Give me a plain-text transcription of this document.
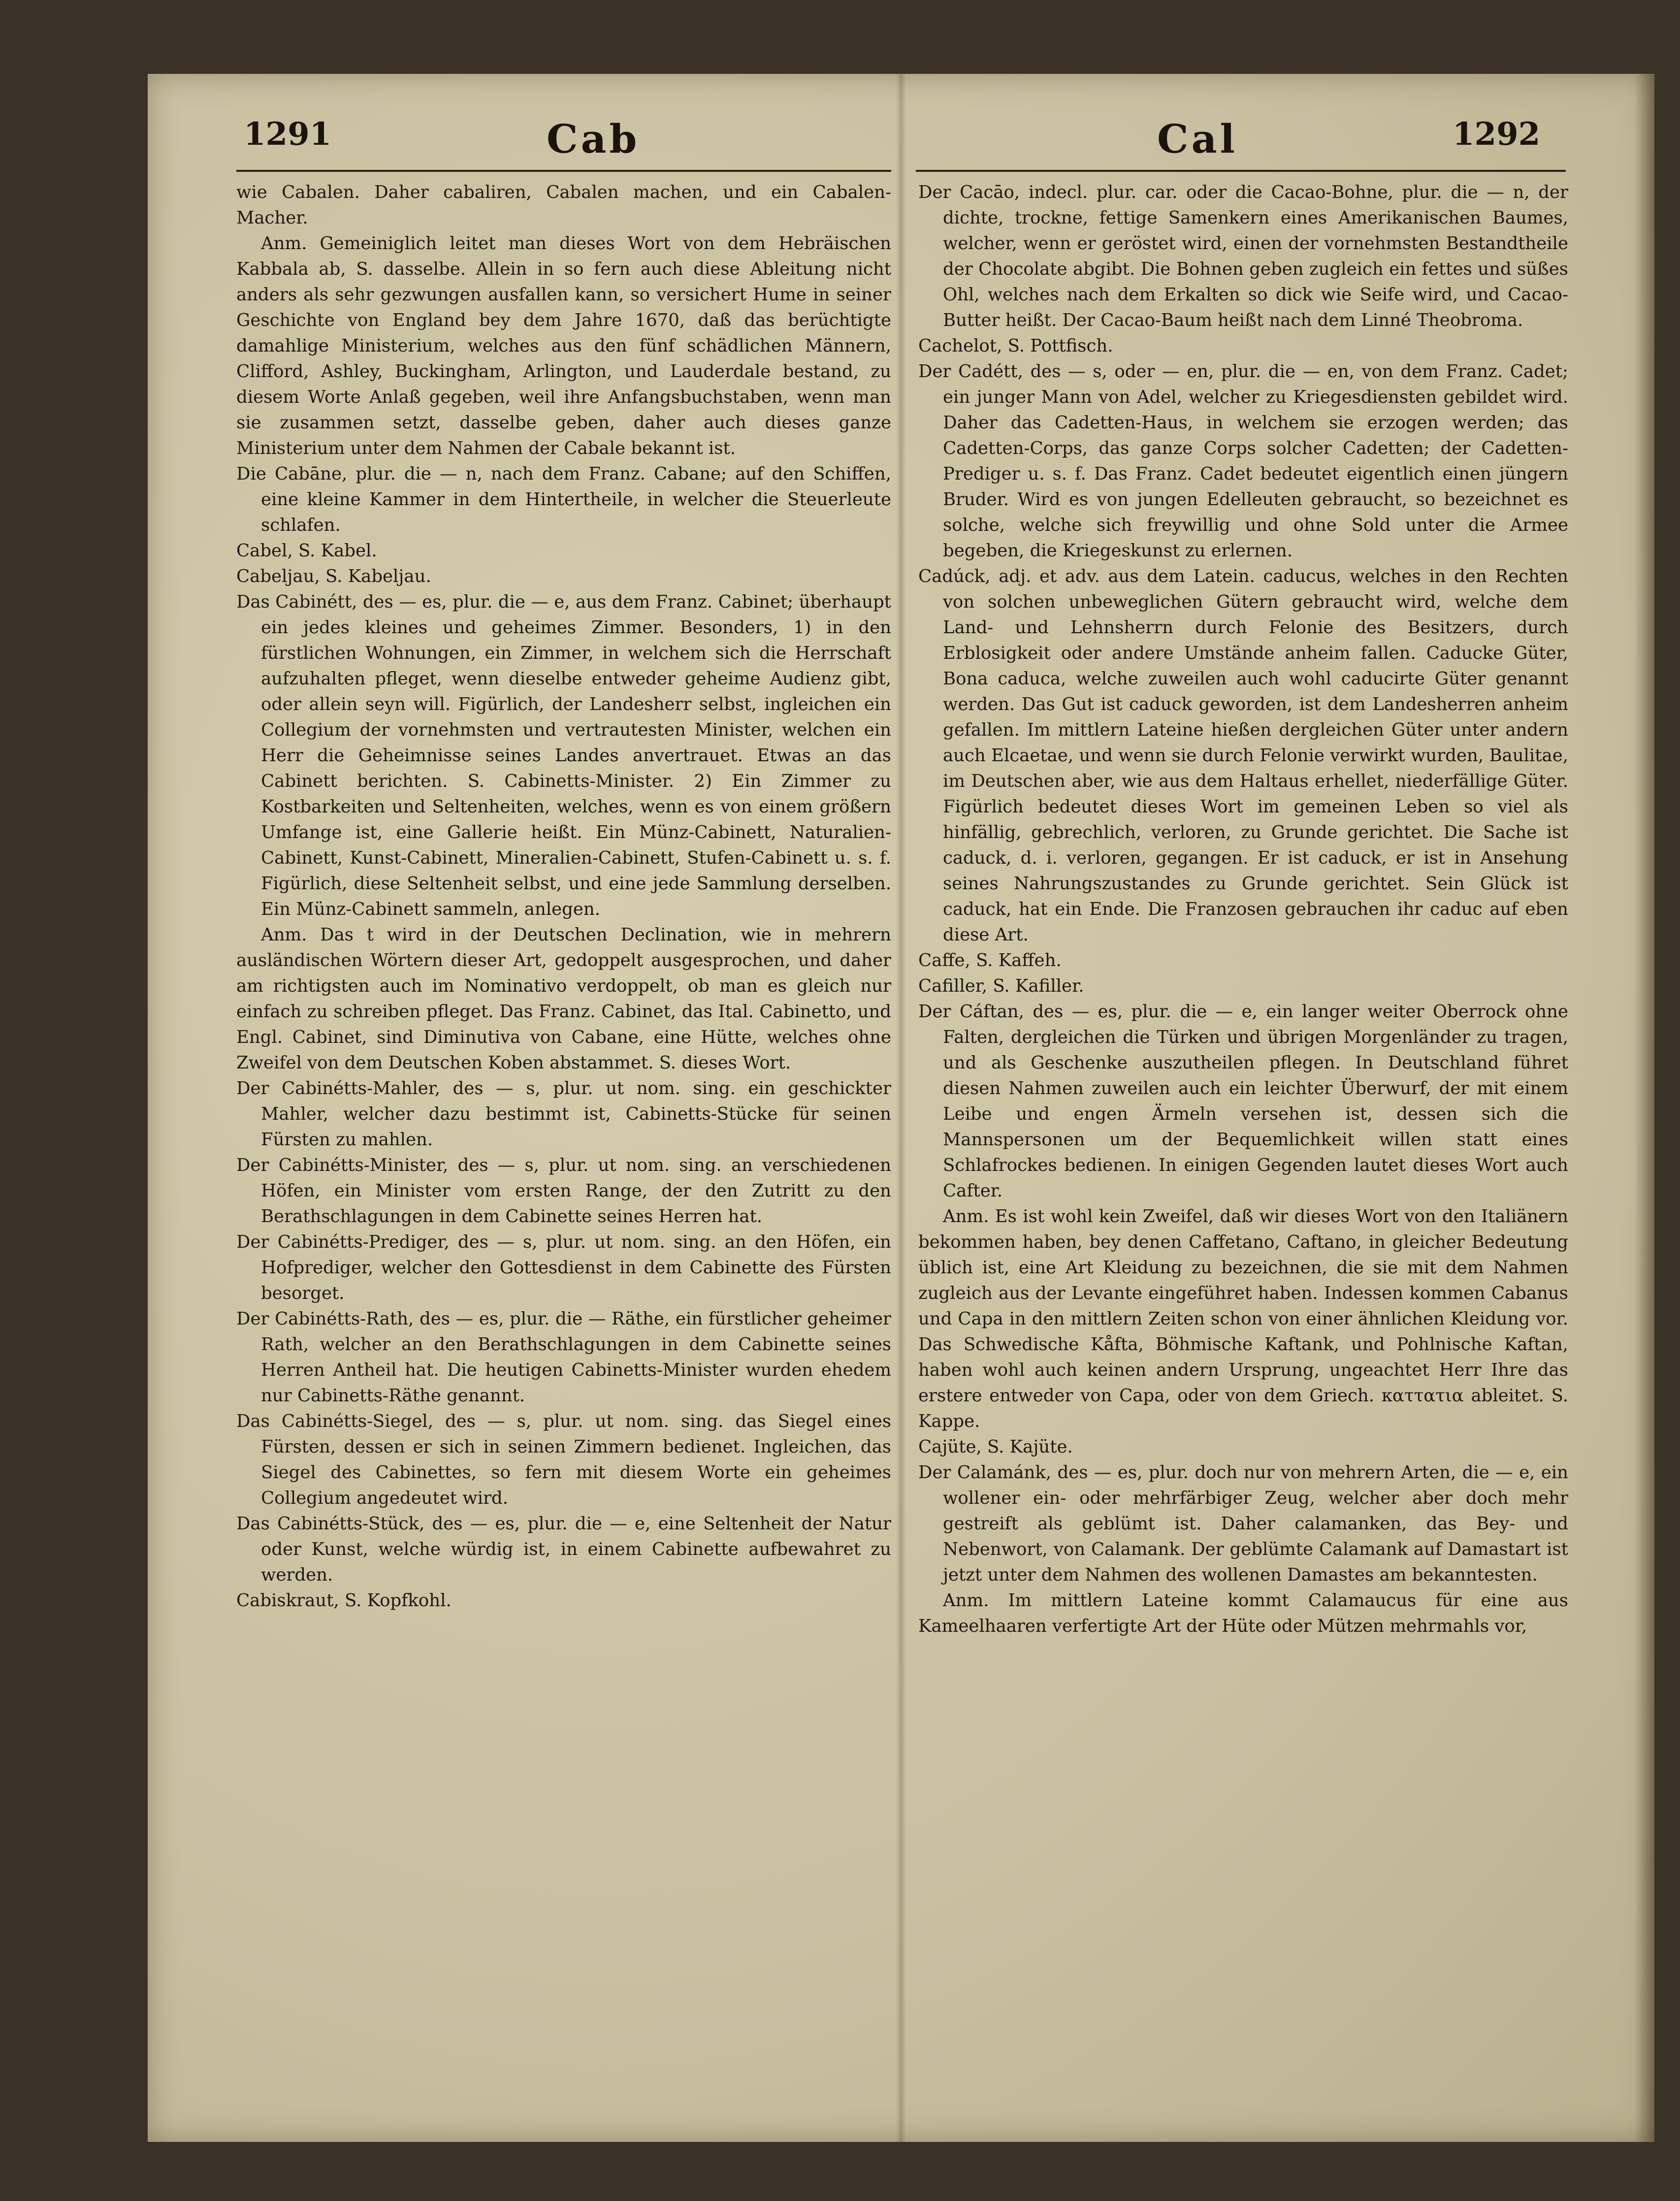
1291	Cab	Cal	1292

wie Cabalen. Daher cabaliren, Cabalen machen, und ein Cabalen-Macher.

Anm. Gemeiniglich leitet man dieses Wort von dem Hebräischen Kabbala ab, S. dasselbe. Allein in so fern auch diese Ableitung nicht anders als sehr gezwungen ausfallen kann, so versichert Hume in seiner Geschichte von England bey dem Jahre 1670, daß das berüchtigte damahlige Ministerium, welches aus den fünf schädlichen Männern, Clifford, Ashley, Buckingham, Arlington, und Lauderdale bestand, zu diesem Worte Anlaß gegeben, weil ihre Anfangsbuchstaben, wenn man sie zusammen setzt, dasselbe geben, daher auch dieses ganze Ministerium unter dem Nahmen der Cabale bekannt ist.

Die Cabāne, plur. die — n, nach dem Franz. Cabane; auf den Schiffen, eine kleine Kammer in dem Hintertheile, in welcher die Steuerleute schlafen.

Cabel, S. Kabel.

Cabeljau, S. Kabeljau.

Das Cabinétt, des — es, plur. die — e, aus dem Franz. Cabinet; überhaupt ein jedes kleines und geheimes Zimmer. Besonders, 1) in den fürstlichen Wohnungen, ein Zimmer, in welchem sich die Herrschaft aufzuhalten pfleget, wenn dieselbe entweder geheime Audienz gibt, oder allein seyn will. Figürlich, der Landesherr selbst, ingleichen ein Collegium der vornehmsten und vertrautesten Minister, welchen ein Herr die Geheimnisse seines Landes anvertrauet. Etwas an das Cabinett berichten. S. Cabinetts-Minister. 2) Ein Zimmer zu Kostbarkeiten und Seltenheiten, welches, wenn es von einem größern Umfange ist, eine Gallerie heißt. Ein Münz-Cabinett, Naturalien-Cabinett, Kunst-Cabinett, Mineralien-Cabinett, Stufen-Cabinett u. s. f. Figürlich, diese Seltenheit selbst, und eine jede Sammlung derselben. Ein Münz-Cabinett sammeln, anlegen.

Anm. Das t wird in der Deutschen Declination, wie in mehrern ausländischen Wörtern dieser Art, gedoppelt ausgesprochen, und daher am richtigsten auch im Nominativo verdoppelt, ob man es gleich nur einfach zu schreiben pfleget. Das Franz. Cabinet, das Ital. Cabinetto, und Engl. Cabinet, sind Diminutiva von Cabane, eine Hütte, welches ohne Zweifel von dem Deutschen Koben abstammet. S. dieses Wort.

Der Cabinétts-Mahler, des — s, plur. ut nom. sing. ein geschickter Mahler, welcher dazu bestimmt ist, Cabinetts-Stücke für seinen Fürsten zu mahlen.

Der Cabinétts-Minister, des — s, plur. ut nom. sing. an verschiedenen Höfen, ein Minister vom ersten Range, der den Zutritt zu den Berathschlagungen in dem Cabinette seines Herren hat.

Der Cabinétts-Prediger, des — s, plur. ut nom. sing. an den Höfen, ein Hofprediger, welcher den Gottesdienst in dem Cabinette des Fürsten besorget.

Der Cabinétts-Rath, des — es, plur. die — Räthe, ein fürstlicher geheimer Rath, welcher an den Berathschlagungen in dem Cabinette seines Herren Antheil hat. Die heutigen Cabinetts-Minister wurden ehedem nur Cabinetts-Räthe genannt.

Das Cabinétts-Siegel, des — s, plur. ut nom. sing. das Siegel eines Fürsten, dessen er sich in seinen Zimmern bedienet. Ingleichen, das Siegel des Cabinettes, so fern mit diesem Worte ein geheimes Collegium angedeutet wird.

Das Cabinétts-Stück, des — es, plur. die — e, eine Seltenheit der Natur oder Kunst, welche würdig ist, in einem Cabinette aufbewahret zu werden.

Cabiskraut, S. Kopfkohl.

Der Cacāo, indecl. plur. car. oder die Cacao-Bohne, plur. die — n, der dichte, trockne, fettige Samenkern eines Amerikanischen Baumes, welcher, wenn er geröstet wird, einen der vornehmsten Bestandtheile der Chocolate abgibt. Die Bohnen geben zugleich ein fettes und süßes Ohl, welches nach dem Erkalten so dick wie Seife wird, und Cacao-Butter heißt. Der Cacao-Baum heißt nach dem Linné Theobroma.

Cachelot, S. Pottfisch.

Der Cadétt, des — s, oder — en, plur. die — en, von dem Franz. Cadet; ein junger Mann von Adel, welcher zu Kriegesdiensten gebildet wird. Daher das Cadetten-Haus, in welchem sie erzogen werden; das Cadetten-Corps, das ganze Corps solcher Cadetten; der Cadetten-Prediger u. s. f. Das Franz. Cadet bedeutet eigentlich einen jüngern Bruder. Wird es von jungen Edelleuten gebraucht, so bezeichnet es solche, welche sich freywillig und ohne Sold unter die Armee begeben, die Kriegeskunst zu erlernen.

Cadúck, adj. et adv. aus dem Latein. caducus, welches in den Rechten von solchen unbeweglichen Gütern gebraucht wird, welche dem Land- und Lehnsherrn durch Felonie des Besitzers, durch Erblosigkeit oder andere Umstände anheim fallen. Caducke Güter, Bona caduca, welche zuweilen auch wohl caducirte Güter genannt werden. Das Gut ist caduck geworden, ist dem Landesherren anheim gefallen. Im mittlern Lateine hießen dergleichen Güter unter andern auch Elcaetae, und wenn sie durch Felonie verwirkt wurden, Baulitae, im Deutschen aber, wie aus dem Haltaus erhellet, niederfällige Güter. Figürlich bedeutet dieses Wort im gemeinen Leben so viel als hinfällig, gebrechlich, verloren, zu Grunde gerichtet. Die Sache ist caduck, d. i. verloren, gegangen. Er ist caduck, er ist in Ansehung seines Nahrungszustandes zu Grunde gerichtet. Sein Glück ist caduck, hat ein Ende. Die Franzosen gebrauchen ihr caduc auf eben diese Art.

Caffe, S. Kaffeh.

Cafiller, S. Kafiller.

Der Cáftan, des — es, plur. die — e, ein langer weiter Oberrock ohne Falten, dergleichen die Türken und übrigen Morgenländer zu tragen, und als Geschenke auszutheilen pflegen. In Deutschland führet diesen Nahmen zuweilen auch ein leichter Überwurf, der mit einem Leibe und engen Ärmeln versehen ist, dessen sich die Mannspersonen um der Bequemlichkeit willen statt eines Schlafrockes bedienen. In einigen Gegenden lautet dieses Wort auch Cafter.

Anm. Es ist wohl kein Zweifel, daß wir dieses Wort von den Italiänern bekommen haben, bey denen Caffetano, Caftano, in gleicher Bedeutung üblich ist, eine Art Kleidung zu bezeichnen, die sie mit dem Nahmen zugleich aus der Levante eingeführet haben. Indessen kommen Cabanus und Capa in den mittlern Zeiten schon von einer ähnlichen Kleidung vor. Das Schwedische Kåfta, Böhmische Kaftank, und Pohlnische Kaftan, haben wohl auch keinen andern Ursprung, ungeachtet Herr Ihre das erstere entweder von Capa, oder von dem Griech. καττατια ableitet. S. Kappe.

Cajüte, S. Kajüte.

Der Calamánk, des — es, plur. doch nur von mehrern Arten, die — e, ein wollener ein- oder mehrfärbiger Zeug, welcher aber doch mehr gestreift als geblümt ist. Daher calamanken, das Bey- und Nebenwort, von Calamank. Der geblümte Calamank auf Damastart ist jetzt unter dem Nahmen des wollenen Damastes am bekanntesten.

Anm. Im mittlern Lateine kommt Calamaucus für eine aus Kameelhaaren verfertigte Art der Hüte oder Mützen mehrmahls vor,
